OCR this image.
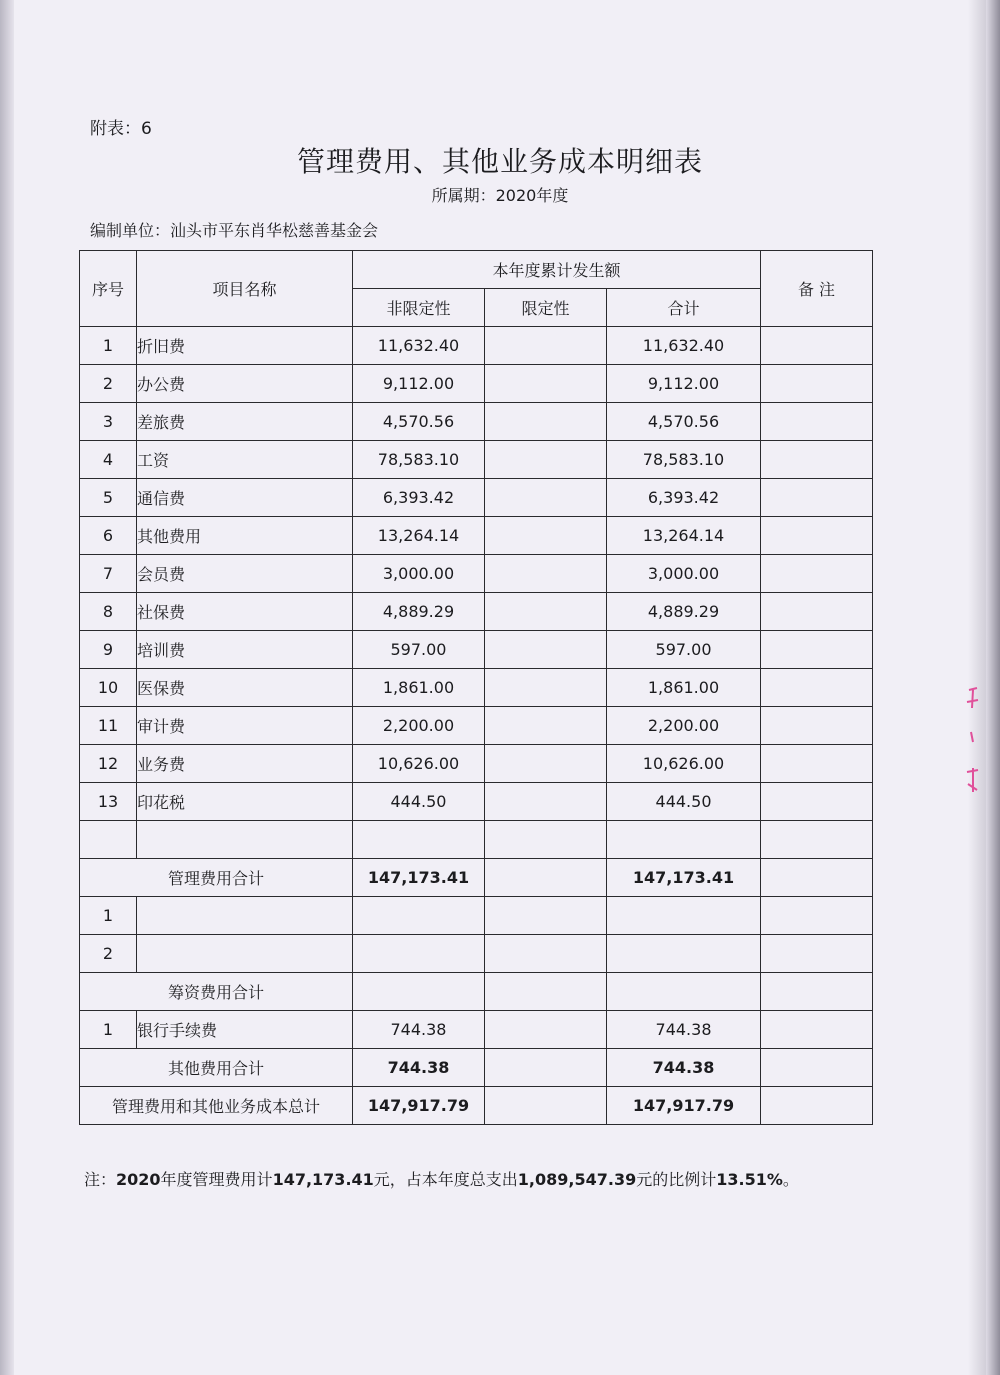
附表：6
管理费用、其他业务成本明细表
所属期：2020年度
编制单位：汕头市平东肖华松慈善基金会
序号	项目名称	本年度累计发生额			备 注
		非限定性	限定性	合计	
1	折旧费	11,632.40		11,632.40	
2	办公费	9,112.00		9,112.00	
3	差旅费	4,570.56		4,570.56	
4	工资	78,583.10		78,583.10	
5	通信费	6,393.42		6,393.42	
6	其他费用	13,264.14		13,264.14	
7	会员费	3,000.00		3,000.00	
8	社保费	4,889.29		4,889.29	
9	培训费	597.00		597.00	
10	医保费	1,861.00		1,861.00	
11	审计费	2,200.00		2,200.00	
12	业务费	10,626.00		10,626.00	
13	印花税	444.50		444.50	

管理费用合计		147,173.41		147,173.41	
1					
2					
筹资费用合计					
1	银行手续费	744.38		744.38	
其他费用合计		744.38		744.38	
管理费用和其他业务成本总计		147,917.79		147,917.79	
注：2020年度管理费用计147,173.41元，占本年度总支出1,089,547.39元的比例计13.51%。
